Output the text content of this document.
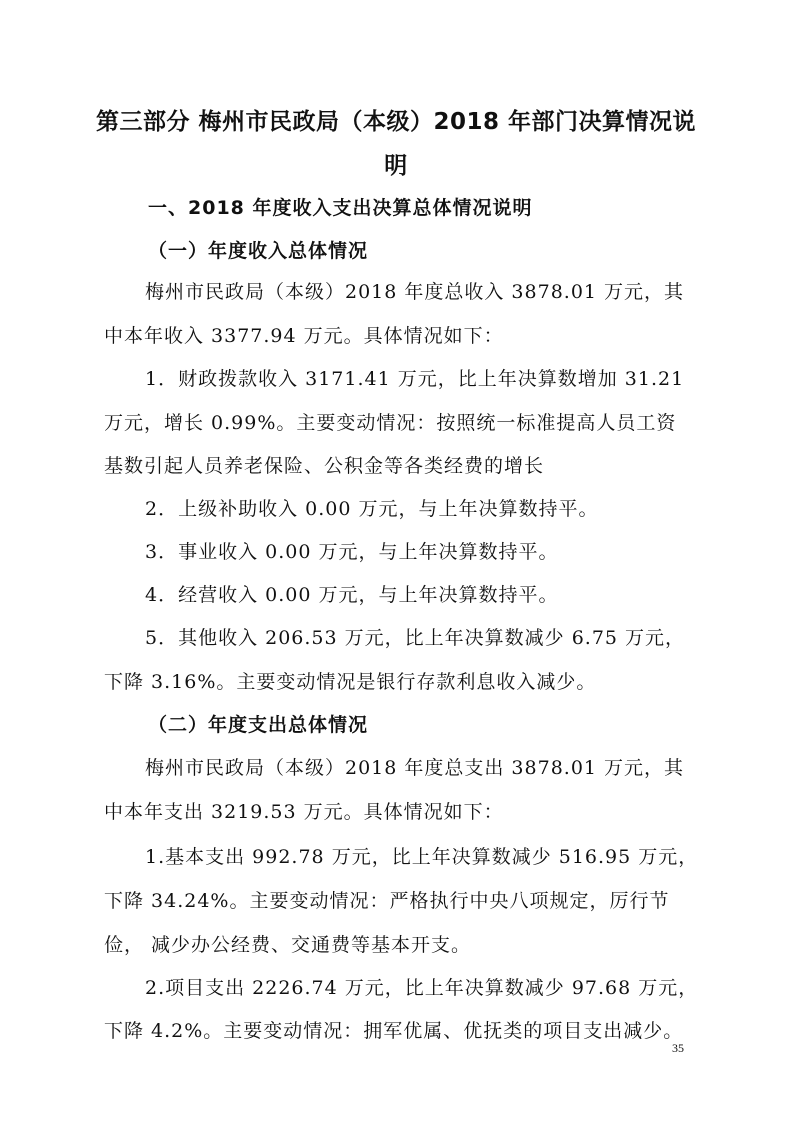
第三部分 梅州市民政局（本级）2018 年部门决算情况说
明
一、2018 年度收入支出决算总体情况说明
（一）年度收入总体情况
梅州市民政局（本级）2018 年度总收入 3878.01 万元，其
中本年收入 3377.94 万元。具体情况如下：
1．财政拨款收入 3171.41 万元，比上年决算数增加 31.21
万元，增长 0.99%。主要变动情况：按照统一标准提高人员工资
基数引起人员养老保险、公积金等各类经费的增长
2．上级补助收入 0.00 万元，与上年决算数持平。
3．事业收入 0.00 万元，与上年决算数持平。
4．经营收入 0.00 万元，与上年决算数持平。
5．其他收入 206.53 万元，比上年决算数减少 6.75 万元，
下降 3.16%。主要变动情况是银行存款利息收入减少。
（二）年度支出总体情况
梅州市民政局（本级）2018 年度总支出 3878.01 万元，其
中本年支出 3219.53 万元。具体情况如下：
1.基本支出 992.78 万元，比上年决算数减少 516.95 万元，
下降 34.24%。主要变动情况：严格执行中央八项规定，厉行节
俭， 减少办公经费、交通费等基本开支。
2.项目支出 2226.74 万元，比上年决算数减少 97.68 万元，
下降 4.2%。主要变动情况：拥军优属、优抚类的项目支出减少。
35
